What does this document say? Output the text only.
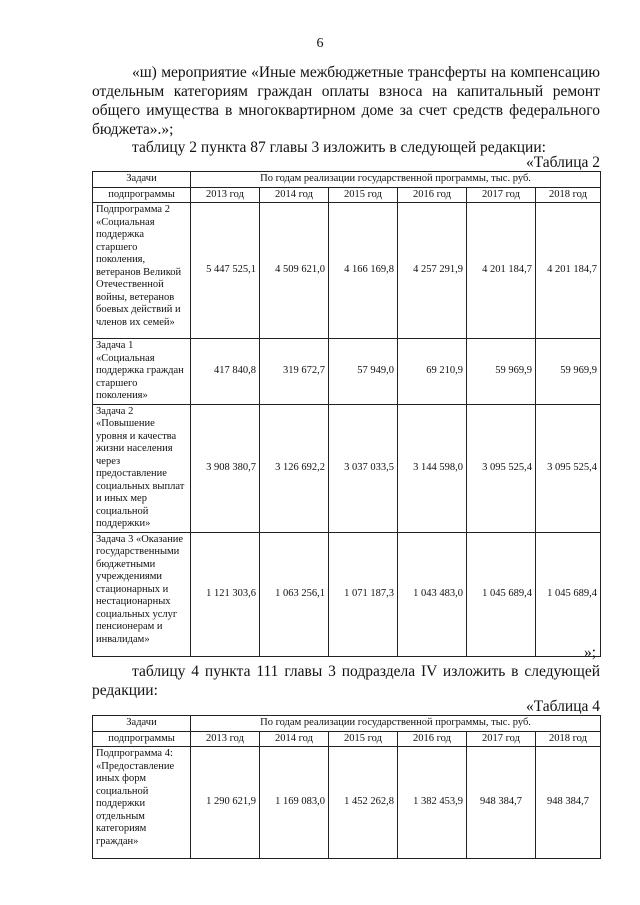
6
«ш) мероприятие «Иные межбюджетные трансферты на компенсацию
отдельным категориям граждан оплаты взноса на капитальный ремонт
общего имущества в многоквартирном доме за счет средств федерального
бюджета».»;
таблицу 2 пункта 87 главы 3 изложить в следующей редакции:
«Таблица 2
Задачи	По годам реализации государственной программы, тыс. руб.					
подпрограммы	2013 год	2014 год	2015 год	2016 год	2017 год	2018 год
Подпрограмма 2 «Социальная поддержка старшего поколения, ветеранов Великой Отечественной войны, ветеранов боевых действий и членов их семей»	5 447 525,1	4 509 621,0	4 166 169,8	4 257 291,9	4 201 184,7	4 201 184,7
Задача 1 «Социальная поддержка граждан старшего поколения»	417 840,8	319 672,7	57 949,0	69 210,9	59 969,9	59 969,9
Задача 2 «Повышение уровня и качества жизни населения через предоставление социальных выплат и иных мер социальной поддержки»	3 908 380,7	3 126 692,2	3 037 033,5	3 144 598,0	3 095 525,4	3 095 525,4
Задача 3 «Оказание государственными бюджетными учреждениями стационарных и нестационарных социальных услуг пенсионерам и инвалидам»	1 121 303,6	1 063 256,1	1 071 187,3	1 043 483,0	1 045 689,4	1 045 689,4
»;
таблицу 4 пункта 111 главы 3 подраздела IV изложить в следующей
редакции:
«Таблица 4
Задачи	По годам реализации государственной программы, тыс. руб.					
подпрограммы	2013 год	2014 год	2015 год	2016 год	2017 год	2018 год
Подпрограмма 4: «Предоставление иных форм социальной поддержки отдельным категориям граждан»	1 290 621,9	1 169 083,0	1 452 262,8	1 382 453,9	948 384,7	948 384,7
